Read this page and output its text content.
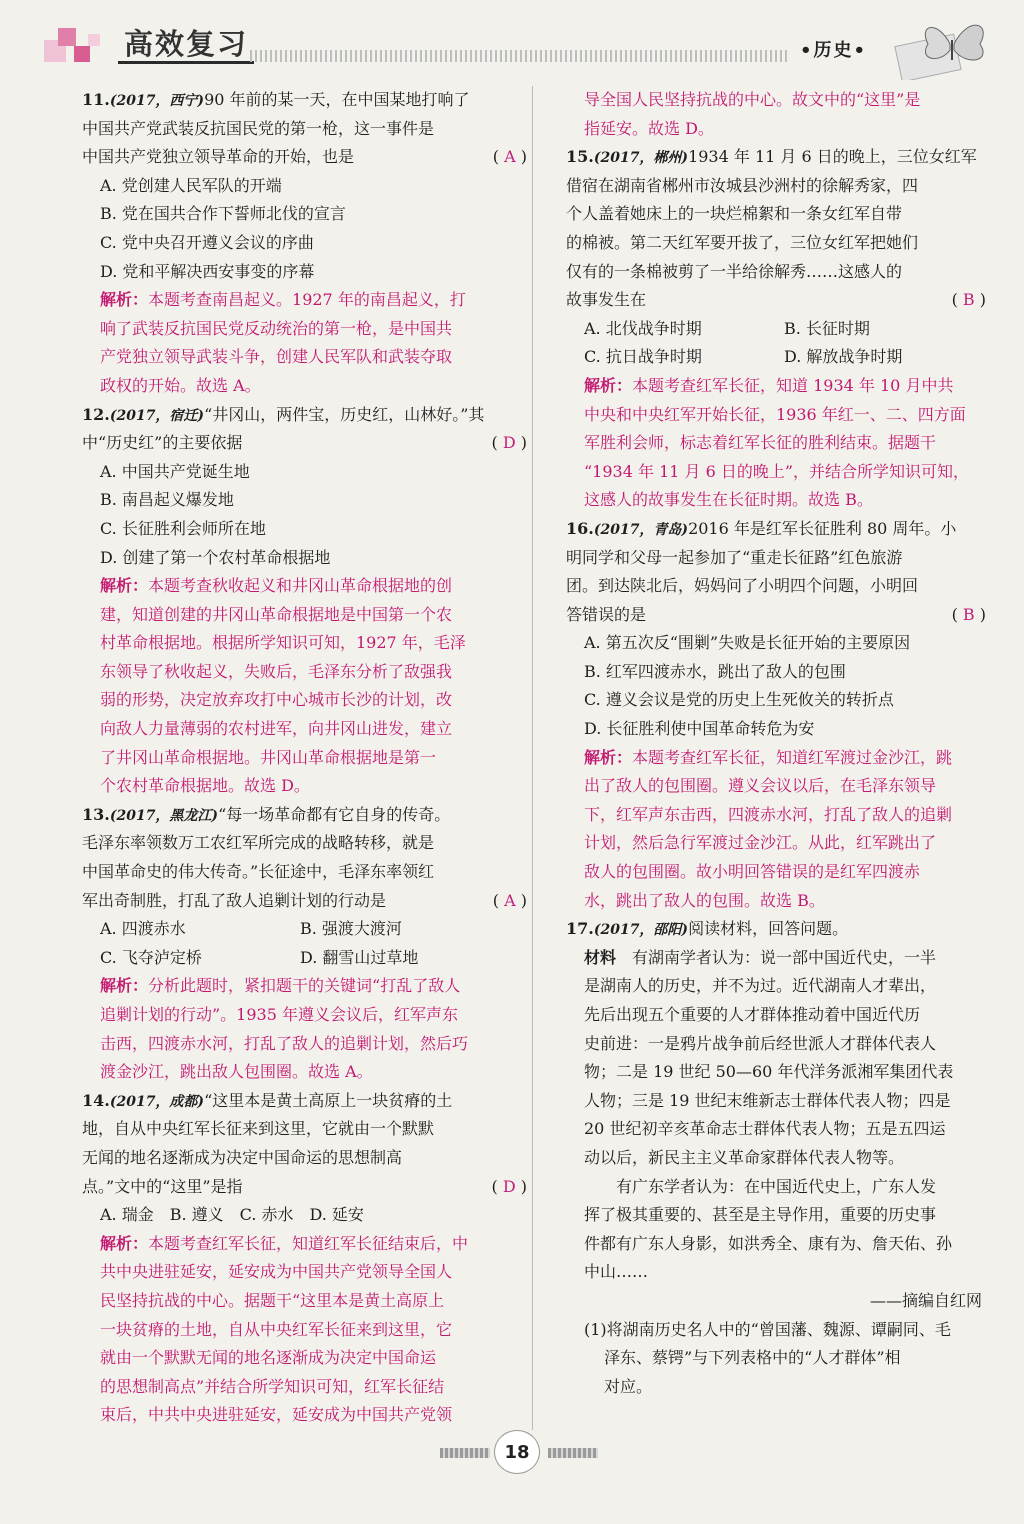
高效复习	•历史•
11.(2017，西宁)90 年前的某一天，在中国某地打响了
中国共产党武装反抗国民党的第一枪，这一事件是
中国共产党独立领导革命的开始，也是	( A )
A. 党创建人民军队的开端
B. 党在国共合作下誓师北伐的宣言
C. 党中央召开遵义会议的序曲
D. 党和平解决西安事变的序幕
解析：本题考查南昌起义。1927 年的南昌起义，打
响了武装反抗国民党反动统治的第一枪，是中国共
产党独立领导武装斗争，创建人民军队和武装夺取
政权的开始。故选 A。
12.(2017，宿迁)“井冈山，两件宝，历史红，山林好。”其
中“历史红”的主要依据	( D )
A. 中国共产党诞生地
B. 南昌起义爆发地
C. 长征胜利会师所在地
D. 创建了第一个农村革命根据地
解析：本题考查秋收起义和井冈山革命根据地的创
建，知道创建的井冈山革命根据地是中国第一个农
村革命根据地。根据所学知识可知，1927 年，毛泽
东领导了秋收起义，失败后，毛泽东分析了敌强我
弱的形势，决定放弃攻打中心城市长沙的计划，改
向敌人力量薄弱的农村进军，向井冈山进发，建立
了井冈山革命根据地。井冈山革命根据地是第一
个农村革命根据地。故选 D。
13.(2017，黑龙江)“每一场革命都有它自身的传奇。
毛泽东率领数万工农红军所完成的战略转移，就是
中国革命史的伟大传奇。”长征途中，毛泽东率领红
军出奇制胜，打乱了敌人追剿计划的行动是	( A )
A. 四渡赤水	B. 强渡大渡河
C. 飞夺泸定桥	D. 翻雪山过草地
解析：分析此题时，紧扣题干的关键词“打乱了敌人
追剿计划的行动”。1935 年遵义会议后，红军声东
击西，四渡赤水河，打乱了敌人的追剿计划，然后巧
渡金沙江，跳出敌人包围圈。故选 A。
14.(2017，成都)“这里本是黄土高原上一块贫瘠的土
地，自从中央红军长征来到这里，它就由一个默默
无闻的地名逐渐成为决定中国命运的思想制高
点。”文中的“这里”是指	( D )
A. 瑞金　B. 遵义　C. 赤水　D. 延安
解析：本题考查红军长征，知道红军长征结束后，中
共中央进驻延安，延安成为中国共产党领导全国人
民坚持抗战的中心。据题干“这里本是黄土高原上
一块贫瘠的土地，自从中央红军长征来到这里，它
就由一个默默无闻的地名逐渐成为决定中国命运
的思想制高点”并结合所学知识可知，红军长征结
束后，中共中央进驻延安，延安成为中国共产党领
导全国人民坚持抗战的中心。故文中的“这里”是
指延安。故选 D。
15.(2017，郴州)1934 年 11 月 6 日的晚上，三位女红军
借宿在湖南省郴州市汝城县沙洲村的徐解秀家，四
个人盖着她床上的一块烂棉絮和一条女红军自带
的棉被。第二天红军要开拔了，三位女红军把她们
仅有的一条棉被剪了一半给徐解秀……这感人的
故事发生在	( B )
A. 北伐战争时期	B. 长征时期
C. 抗日战争时期	D. 解放战争时期
解析：本题考查红军长征，知道 1934 年 10 月中共
中央和中央红军开始长征，1936 年红一、二、四方面
军胜利会师，标志着红军长征的胜利结束。据题干
“1934 年 11 月 6 日的晚上”，并结合所学知识可知，
这感人的故事发生在长征时期。故选 B。
16.(2017，青岛)2016 年是红军长征胜利 80 周年。小
明同学和父母一起参加了“重走长征路”红色旅游
团。到达陕北后，妈妈问了小明四个问题，小明回
答错误的是	( B )
A. 第五次反“围剿”失败是长征开始的主要原因
B. 红军四渡赤水，跳出了敌人的包围
C. 遵义会议是党的历史上生死攸关的转折点
D. 长征胜利使中国革命转危为安
解析：本题考查红军长征，知道红军渡过金沙江，跳
出了敌人的包围圈。遵义会议以后，在毛泽东领导
下，红军声东击西，四渡赤水河，打乱了敌人的追剿
计划，然后急行军渡过金沙江。从此，红军跳出了
敌人的包围圈。故小明回答错误的是红军四渡赤
水，跳出了敌人的包围。故选 B。
17.(2017，邵阳)阅读材料，回答问题。
材料　有湖南学者认为：说一部中国近代史，一半
是湖南人的历史，并不为过。近代湖南人才辈出，
先后出现五个重要的人才群体推动着中国近代历
史前进：一是鸦片战争前后经世派人才群体代表人
物；二是 19 世纪 50—60 年代洋务派湘军集团代表
人物；三是 19 世纪末维新志士群体代表人物；四是
20 世纪初辛亥革命志士群体代表人物；五是五四运
动以后，新民主主义革命家群体代表人物等。
　　有广东学者认为：在中国近代史上，广东人发
挥了极其重要的、甚至是主导作用，重要的历史事
件都有广东人身影，如洪秀全、康有为、詹天佑、孙
中山……
——摘编自红网
(1)将湖南历史名人中的“曾国藩、魏源、谭嗣同、毛
泽东、蔡锷”与下列表格中的“人才群体”相
对应。
18
